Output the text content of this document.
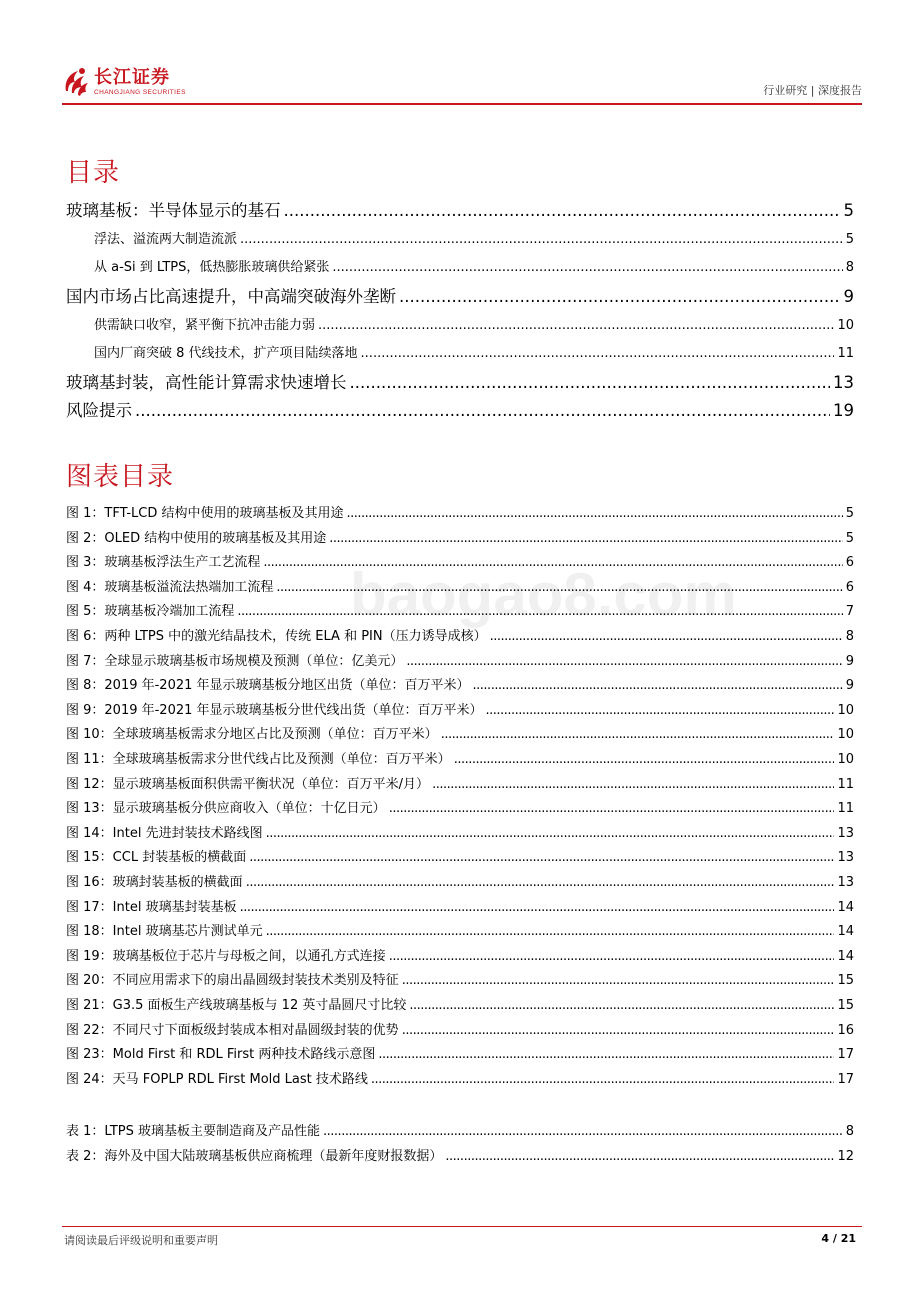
长江证券
CHANGJIANG SECURITIES	行业研究 | 深度报告
目录
玻璃基板：半导体显示的基石 .....	5
浮法、溢流两大制造流派 .....	5
从 a-Si 到 LTPS，低热膨胀玻璃供给紧张 .....	8
国内市场占比高速提升，中高端突破海外垄断 .....	9
供需缺口收窄，紧平衡下抗冲击能力弱 .....	10
国内厂商突破 8 代线技术，扩产项目陆续落地 .....	11
玻璃基封装，高性能计算需求快速增长 .....	13
风险提示 .....	19
图表目录
图 1：TFT-LCD 结构中使用的玻璃基板及其用途 .....	5
图 2：OLED 结构中使用的玻璃基板及其用途 .....	5
图 3：玻璃基板浮法生产工艺流程 .....	6
图 4：玻璃基板溢流法热端加工流程 .....	6
图 5：玻璃基板冷端加工流程 .....	7
图 6：两种 LTPS 中的激光结晶技术，传统 ELA 和 PIN（压力诱导成核） .....	8
图 7：全球显示玻璃基板市场规模及预测（单位：亿美元） .....	9
图 8：2019 年-2021 年显示玻璃基板分地区出货（单位：百万平米） .....	9
图 9：2019 年-2021 年显示玻璃基板分世代线出货（单位：百万平米） .....	10
图 10：全球玻璃基板需求分地区占比及预测（单位：百万平米） .....	10
图 11：全球玻璃基板需求分世代线占比及预测（单位：百万平米） .....	10
图 12：显示玻璃基板面积供需平衡状况（单位：百万平米/月） .....	11
图 13：显示玻璃基板分供应商收入（单位：十亿日元） .....	11
图 14：Intel 先进封装技术路线图 .....	13
图 15：CCL 封装基板的横截面 .....	13
图 16：玻璃封装基板的横截面 .....	13
图 17：Intel 玻璃基封装基板 .....	14
图 18：Intel 玻璃基芯片测试单元 .....	14
图 19：玻璃基板位于芯片与母板之间，以通孔方式连接 .....	14
图 20：不同应用需求下的扇出晶圆级封装技术类别及特征 .....	15
图 21：G3.5 面板生产线玻璃基板与 12 英寸晶圆尺寸比较 .....	15
图 22：不同尺寸下面板级封装成本相对晶圆级封装的优势 .....	16
图 23：Mold First 和 RDL First 两种技术路线示意图 .....	17
图 24：天马 FOPLP RDL First Mold Last 技术路线 .....	17
表 1：LTPS 玻璃基板主要制造商及产品性能 .....	8
表 2：海外及中国大陆玻璃基板供应商梳理（最新年度财报数据） .....	12
baogao8.com
请阅读最后评级说明和重要声明	4 / 21
